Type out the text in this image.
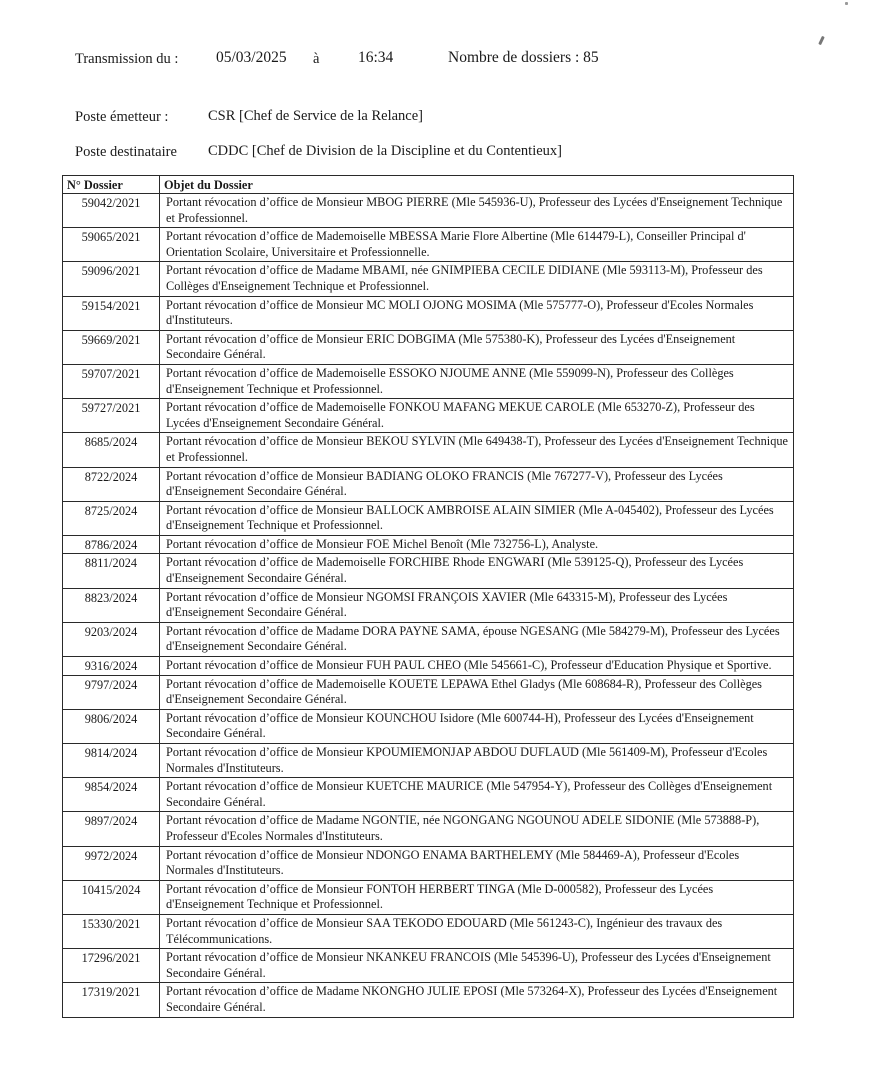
Transmission du : 05/03/2025 à 16:34	Nombre de dossiers : 85
Poste émetteur :	CSR [Chef de Service de la Relance]
Poste destinataire CDDC [Chef de Division de la Discipline et du Contentieux]
N° Dossier	Objet du Dossier
59042/2021	Portant révocation d’office de Monsieur MBOG PIERRE (Mle 545936-U), Professeur des Lycées d'Enseignement Technique et Professionnel.
59065/2021	Portant révocation d’office de Mademoiselle MBESSA Marie Flore Albertine (Mle 614479-L), Conseiller Principal d' Orientation Scolaire, Universitaire et Professionnelle.
59096/2021	Portant révocation d’office de Madame MBAMI, née GNIMPIEBA CECILE DIDIANE (Mle 593113-M), Professeur des Collèges d'Enseignement Technique et Professionnel.
59154/2021	Portant révocation d’office de Monsieur MC MOLI OJONG MOSIMA (Mle 575777-O), Professeur d'Ecoles Normales d'Instituteurs.
59669/2021	Portant révocation d’office de Monsieur ERIC DOBGIMA (Mle 575380-K), Professeur des Lycées d'Enseignement Secondaire Général.
59707/2021	Portant révocation d’office de Mademoiselle ESSOKO NJOUME ANNE (Mle 559099-N), Professeur des Collèges d'Enseignement Technique et Professionnel.
59727/2021	Portant révocation d’office de Mademoiselle FONKOU MAFANG MEKUE CAROLE (Mle 653270-Z), Professeur des Lycées d'Enseignement Secondaire Général.
8685/2024	Portant révocation d’office de Monsieur BEKOU SYLVIN (Mle 649438-T), Professeur des Lycées d'Enseignement Technique et Professionnel.
8722/2024	Portant révocation d’office de Monsieur BADIANG OLOKO FRANCIS (Mle 767277-V), Professeur des Lycées d'Enseignement Secondaire Général.
8725/2024	Portant révocation d’office de Monsieur BALLOCK AMBROISE ALAIN SIMIER (Mle A-045402), Professeur des Lycées d'Enseignement Technique et Professionnel.
8786/2024	Portant révocation d’office de Monsieur FOE Michel Benoît (Mle 732756-L), Analyste.
8811/2024	Portant révocation d’office de Mademoiselle FORCHIBE Rhode ENGWARI (Mle 539125-Q), Professeur des Lycées d'Enseignement Secondaire Général.
8823/2024	Portant révocation d’office de Monsieur NGOMSI FRANÇOIS XAVIER (Mle 643315-M), Professeur des Lycées d'Enseignement Secondaire Général.
9203/2024	Portant révocation d’office de Madame DORA PAYNE SAMA, épouse NGESANG (Mle 584279-M), Professeur des Lycées d'Enseignement Secondaire Général.
9316/2024	Portant révocation d’office de Monsieur FUH PAUL CHEO (Mle 545661-C), Professeur d'Education Physique et Sportive.
9797/2024	Portant révocation d’office de Mademoiselle KOUETE LEPAWA Ethel Gladys (Mle 608684-R), Professeur des Collèges d'Enseignement Secondaire Général.
9806/2024	Portant révocation d’office de Monsieur KOUNCHOU Isidore (Mle 600744-H), Professeur des Lycées d'Enseignement Secondaire Général.
9814/2024	Portant révocation d’office de Monsieur KPOUMIEMONJAP ABDOU DUFLAUD (Mle 561409-M), Professeur d'Ecoles Normales d'Instituteurs.
9854/2024	Portant révocation d’office de Monsieur KUETCHE MAURICE (Mle 547954-Y), Professeur des Collèges d'Enseignement Secondaire Général.
9897/2024	Portant révocation d’office de Madame NGONTIE, née NGONGANG NGOUNOU ADELE SIDONIE (Mle 573888-P), Professeur d'Ecoles Normales d'Instituteurs.
9972/2024	Portant révocation d’office de Monsieur NDONGO ENAMA BARTHELEMY (Mle 584469-A), Professeur d'Ecoles Normales d'Instituteurs.
10415/2024	Portant révocation d’office de Monsieur FONTOH HERBERT TINGA (Mle D-000582), Professeur des Lycées d'Enseignement Technique et Professionnel.
15330/2021	Portant révocation d’office de Monsieur SAA TEKODO EDOUARD (Mle 561243-C), Ingénieur des travaux des Télécommunications.
17296/2021	Portant révocation d’office de Monsieur NKANKEU FRANCOIS (Mle 545396-U), Professeur des Lycées d'Enseignement Secondaire Général.
17319/2021	Portant révocation d’office de Madame NKONGHO JULIE EPOSI (Mle 573264-X), Professeur des Lycées d'Enseignement Secondaire Général.
